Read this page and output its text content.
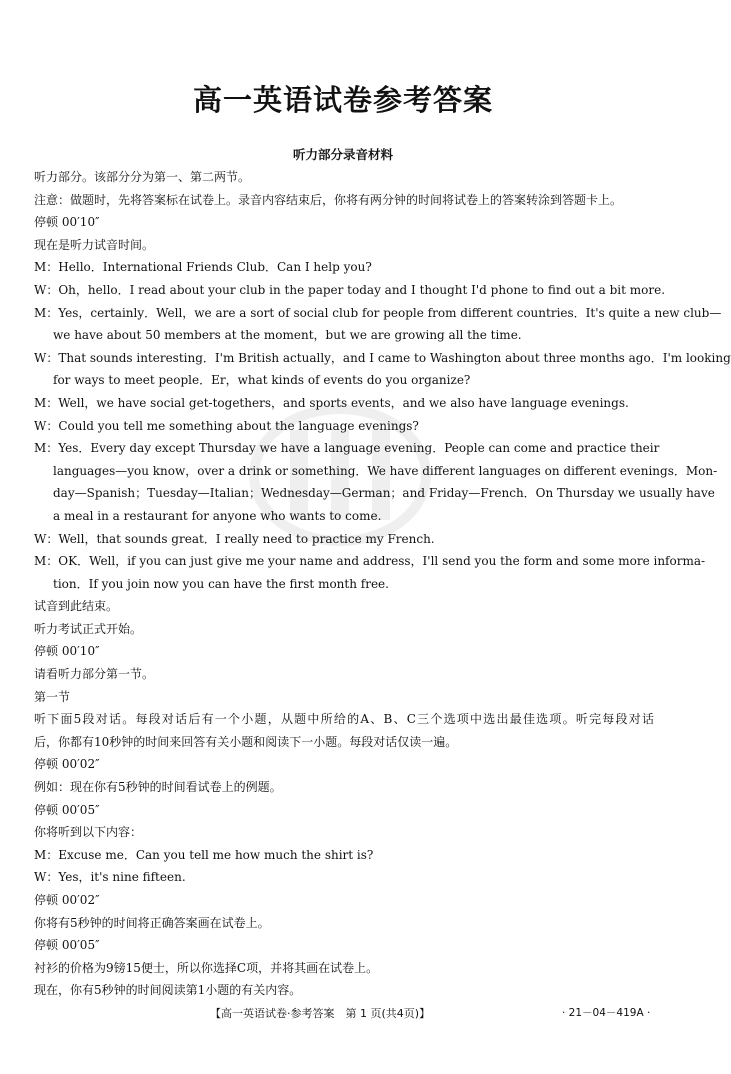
高一英语试卷参考答案
听力部分录音材料
听力部分。该部分分为第一、第二两节。
注意：做题时，先将答案标在试卷上。录音内容结束后，你将有两分钟的时间将试卷上的答案转涂到答题卡上。
停顿 00′10″
现在是听力试音时间。
M：Hello．International Friends Club．Can I help you?
W：Oh，hello．I read about your club in the paper today and I thought I'd phone to find out a bit more.
M：Yes，certainly．Well，we are a sort of social club for people from different countries．It's quite a new club—
we have about 50 members at the moment，but we are growing all the time.
W：That sounds interesting．I'm British actually，and I came to Washington about three months ago．I'm looking
for ways to meet people．Er，what kinds of events do you organize?
M：Well，we have social get-togethers，and sports events，and we also have language evenings.
W：Could you tell me something about the language evenings?
M：Yes．Every day except Thursday we have a language evening．People can come and practice their
languages—you know，over a drink or something．We have different languages on different evenings．Mon-
day—Spanish；Tuesday—Italian；Wednesday—German；and Friday—French．On Thursday we usually have
a meal in a restaurant for anyone who wants to come.
W：Well，that sounds great．I really need to practice my French.
M：OK．Well，if you can just give me your name and address，I'll send you the form and some more informa-
tion．If you join now you can have the first month free.
试音到此结束。
听力考试正式开始。
停顿 00′10″
请看听力部分第一节。
第一节
听下面5段对话。每段对话后有一个小题，从题中所给的A、B、C三个选项中选出最佳选项。听完每段对话
后，你都有10秒钟的时间来回答有关小题和阅读下一小题。每段对话仅读一遍。
停顿 00′02″
例如：现在你有5秒钟的时间看试卷上的例题。
停顿 00′05″
你将听到以下内容：
M：Excuse me．Can you tell me how much the shirt is?
W：Yes，it's nine fifteen.
停顿 00′02″
你将有5秒钟的时间将正确答案画在试卷上。
停顿 00′05″
衬衫的价格为9镑15便士，所以你选择C项，并将其画在试卷上。
现在，你有5秒钟的时间阅读第1小题的有关内容。
【高一英语试卷·参考答案　第 1 页(共4页)】	· 21－04－419A ·
